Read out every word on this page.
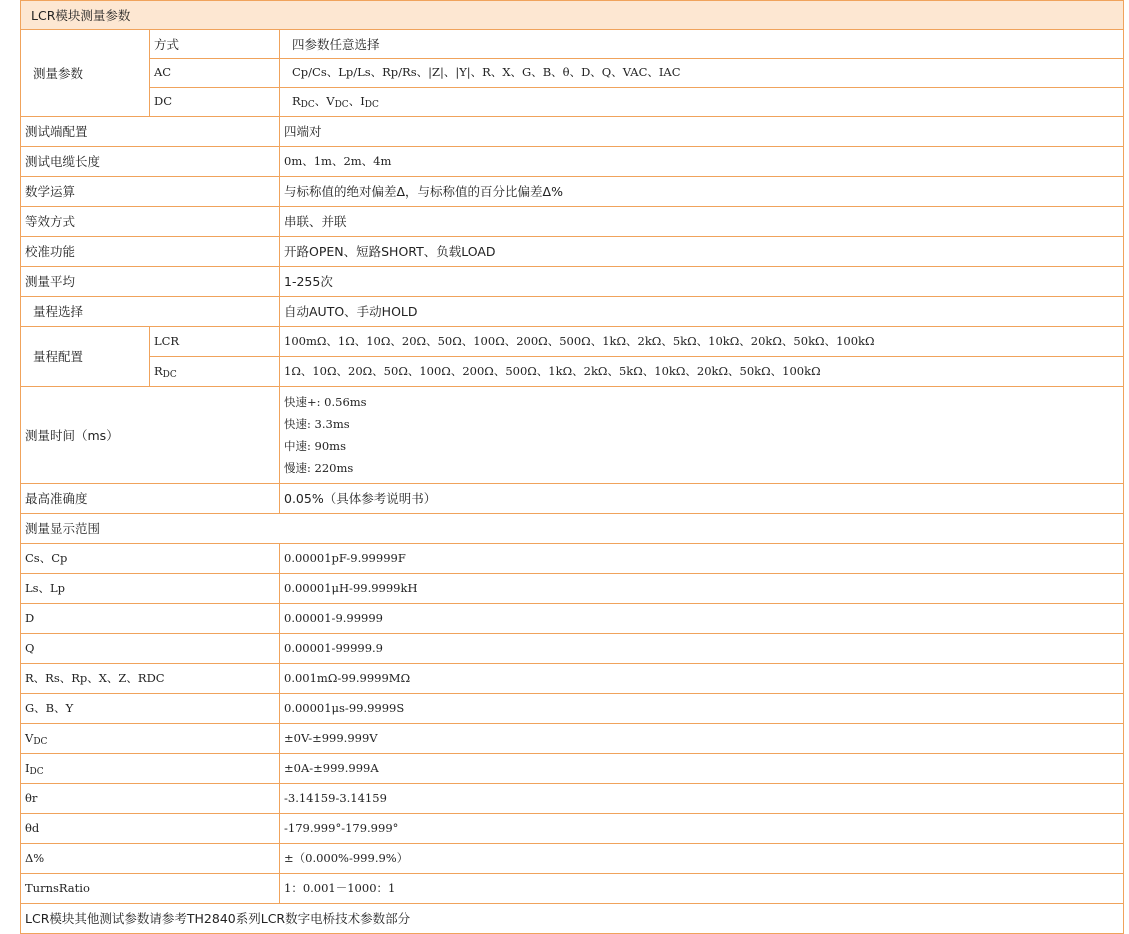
LCR模块测量参数		
测量参数	方式	四参数任意选择
	AC	Cp/Cs、Lp/Ls、Rp/Rs、|Z|、|Y|、R、X、G、B、θ、D、Q、VAC、IAC
	DC	$R_{DC}$、$V_{DC}$、$I_{DC}$
测试端配置		四端对
测试电缆长度		0m、1m、2m、4m
数学运算		与标称值的绝对偏差Δ，与标称值的百分比偏差Δ%
等效方式		串联、并联
校准功能		开路OPEN、短路SHORT、负载LOAD
测量平均		1-255次
量程选择		自动AUTO、手动HOLD
量程配置	LCR	100mΩ、1Ω、10Ω、20Ω、50Ω、100Ω、200Ω、500Ω、1kΩ、2kΩ、5kΩ、10kΩ、20kΩ、50kΩ、100kΩ
	$R_{DC}$	1Ω、10Ω、20Ω、50Ω、100Ω、200Ω、500Ω、1kΩ、2kΩ、5kΩ、10kΩ、20kΩ、50kΩ、100kΩ
测量时间（ms）		快速+: 0.56ms
快速: 3.3ms
中速: 90ms
慢速: 220ms

最高准确度		0.05%（具体参考说明书）
测量显示范围		
Cs、Cp		0.00001pF-9.99999F
Ls、Lp		0.00001μH-99.9999kH
D		0.00001-9.99999
Q		0.00001-99999.9
R、Rs、Rp、X、Z、RDC		0.001mΩ-99.9999MΩ
G、B、Y		0.00001μs-99.9999S
$V_{DC}$		±0V-±999.999V
$I_{DC}$		±0A-±999.999A
θr		-3.14159-3.14159
θd		-179.999°-179.999°
Δ%		±（0.000%-999.9%）
TurnsRatio		1：0.001－1000：1
LCR模块其他测试参数请参考TH2840系列LCR数字电桥技术参数部分		
